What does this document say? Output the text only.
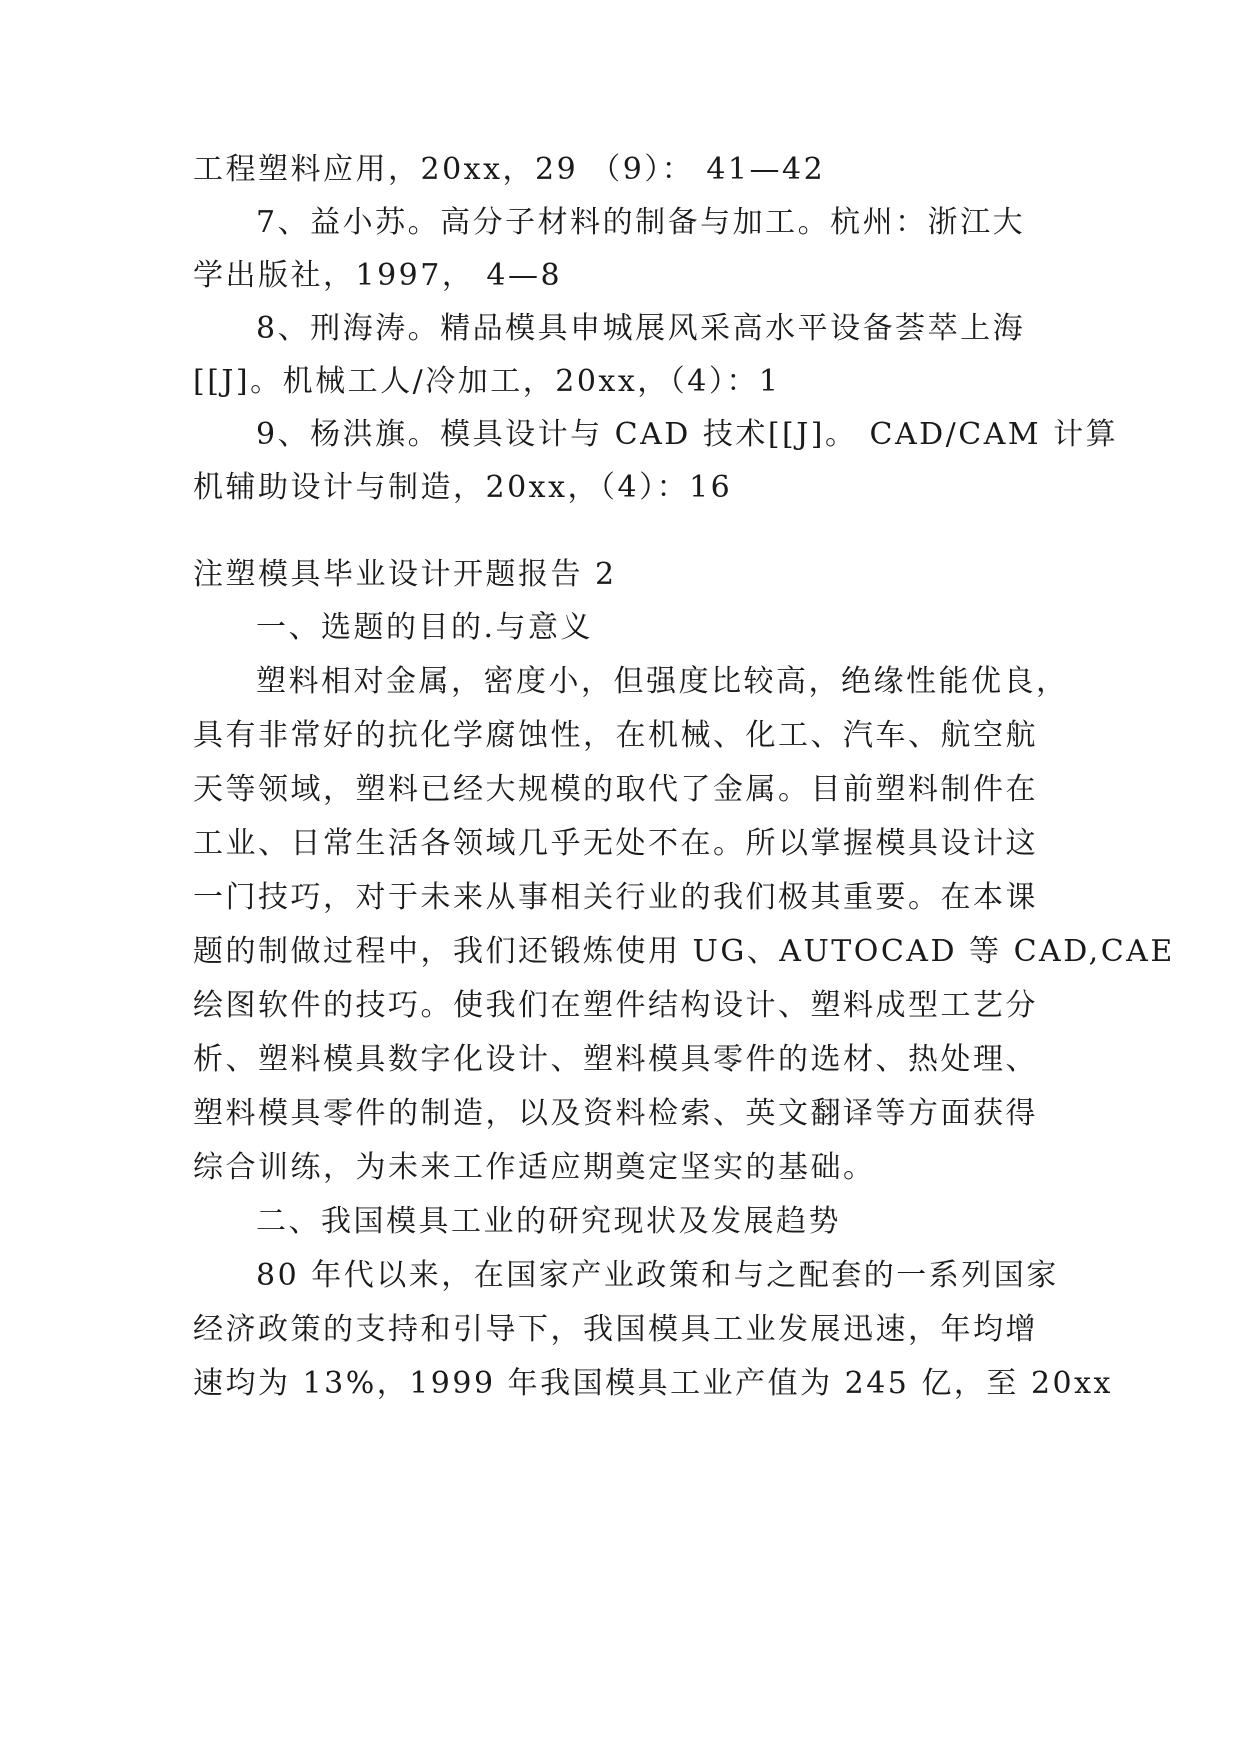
工程塑料应用，20xx，29 （9）： 41—42
7、益小苏。高分子材料的制备与加工。杭州：浙江大
学出版社，1997， 4—8
8、刑海涛。精品模具申城展风采高水平设备荟萃上海
[[J]。机械工人/冷加工，20xx，（4）：1
9、杨洪旗。模具设计与 CAD 技术[[J]。 CAD/CAM 计算
机辅助设计与制造，20xx，（4）：16
注塑模具毕业设计开题报告 2
一、选题的目的.与意义
塑料相对金属，密度小，但强度比较高，绝缘性能优良，
具有非常好的抗化学腐蚀性，在机械、化工、汽车、航空航
天等领域，塑料已经大规模的取代了金属。目前塑料制件在
工业、日常生活各领域几乎无处不在。所以掌握模具设计这
一门技巧，对于未来从事相关行业的我们极其重要。在本课
题的制做过程中，我们还锻炼使用 UG、AUTOCAD 等 CAD,CAE
绘图软件的技巧。使我们在塑件结构设计、塑料成型工艺分
析、塑料模具数字化设计、塑料模具零件的选材、热处理、
塑料模具零件的制造，以及资料检索、英文翻译等方面获得
综合训练，为未来工作适应期奠定坚实的基础。
二、我国模具工业的研究现状及发展趋势
80 年代以来，在国家产业政策和与之配套的一系列国家
经济政策的支持和引导下，我国模具工业发展迅速，年均增
速均为 13%，1999 年我国模具工业产值为 245 亿，至 20xx
